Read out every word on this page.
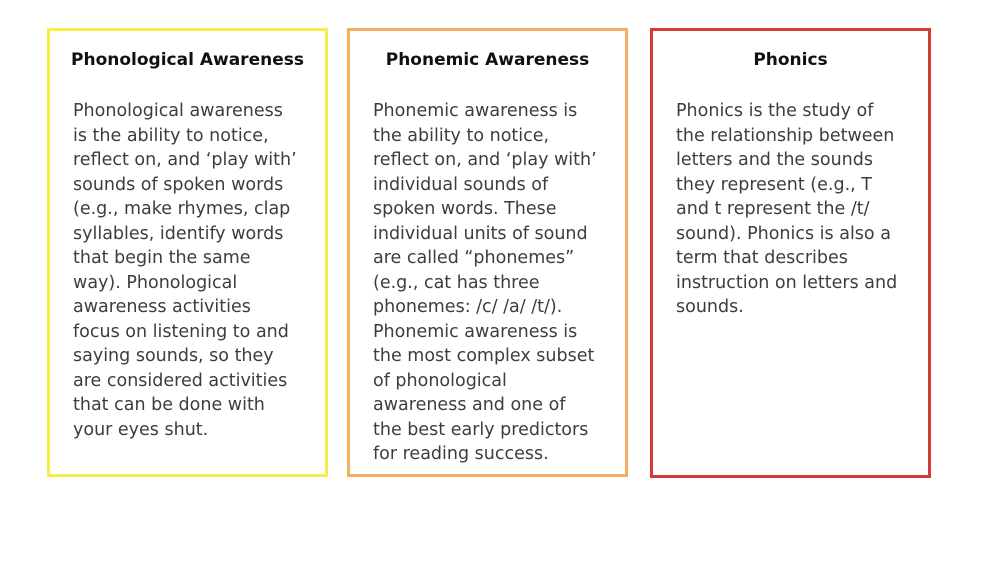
Phonological Awareness

Phonological awareness
is the ability to notice,
reflect on, and ‘play with’
sounds of spoken words
(e.g., make rhymes, clap
syllables, identify words
that begin the same
way). Phonological
awareness activities
focus on listening to and
saying sounds, so they
are considered activities
that can be done with
your eyes shut.

Phonemic Awareness

Phonemic awareness is
the ability to notice,
reflect on, and ‘play with’
individual sounds of
spoken words. These
individual units of sound
are called “phonemes”
(e.g., cat has three
phonemes: /c/ /a/ /t/).
Phonemic awareness is
the most complex subset
of phonological
awareness and one of
the best early predictors
for reading success.

Phonics

Phonics is the study of
the relationship between
letters and the sounds
they represent (e.g., T
and t represent the /t/
sound). Phonics is also a
term that describes
instruction on letters and
sounds.
